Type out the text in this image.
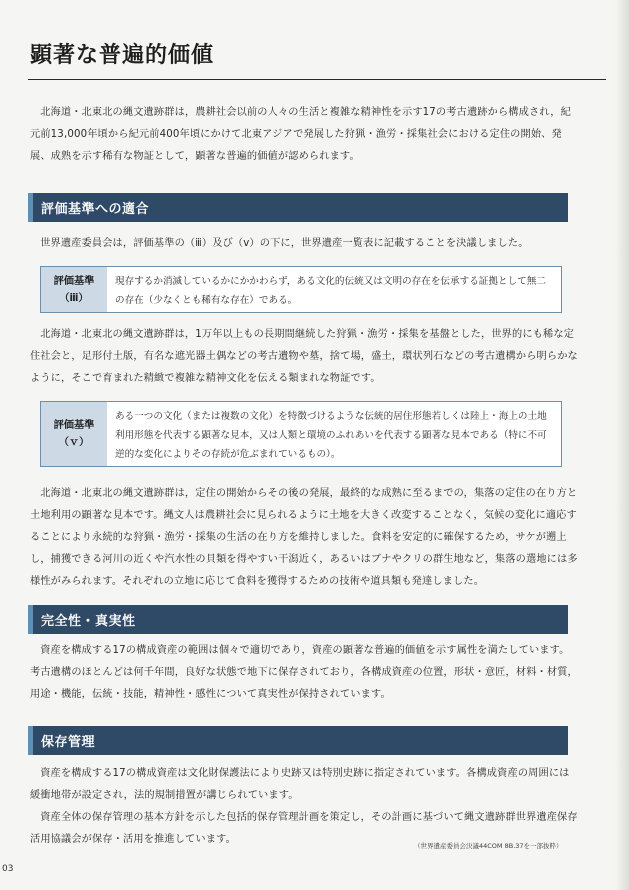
顕著な普遍的価値

北海道・北東北の縄文遺跡群は，農耕社会以前の人々の生活と複雑な精神性を示す17の考古遺跡から構成され，紀元前13,000年頃から紀元前400年頃にかけて北東アジアで発展した狩猟・漁労・採集社会における定住の開始、発展、成熟を示す稀有な物証として，顕著な普遍的価値が認められます。

評価基準への適合

世界遺産委員会は，評価基準の（ⅲ）及び（ⅴ）の下に，世界遺産一覧表に記載することを決議しました。

評価基準
（ⅲ）
現存するか消滅しているかにかかわらず，ある文化的伝統又は文明の存在を伝承する証拠として無二の存在（少なくとも稀有な存在）である。

北海道・北東北の縄文遺跡群は，1万年以上もの長期間継続した狩猟・漁労・採集を基盤とした，世界的にも稀な定住社会と，足形付土版，有名な遮光器土偶などの考古遺物や墓，捨て場，盛土，環状列石などの考古遺構から明らかなように，そこで育まれた精緻で複雑な精神文化を伝える類まれな物証です。

評価基準
（ｖ）
ある一つの文化（または複数の文化）を特徴づけるような伝統的居住形態若しくは陸上・海上の土地利用形態を代表する顕著な見本，又は人類と環境のふれあいを代表する顕著な見本である（特に不可逆的な変化によりその存続が危ぶまれているもの）。

北海道・北東北の縄文遺跡群は，定住の開始からその後の発展，最終的な成熟に至るまでの，集落の定住の在り方と土地利用の顕著な見本です。縄文人は農耕社会に見られるように土地を大きく改変することなく，気候の変化に適応することにより永続的な狩猟・漁労・採集の生活の在り方を維持しました。食料を安定的に確保するため，サケが遡上し，捕獲できる河川の近くや汽水性の貝類を得やすい干潟近く，あるいはブナやクリの群生地など，集落の選地には多様性がみられます。それぞれの立地に応じて食料を獲得するための技術や道具類も発達しました。

完全性・真実性

資産を構成する17の構成資産の範囲は個々で適切であり，資産の顕著な普遍的価値を示す属性を満たしています。考古遺構のほとんどは何千年間，良好な状態で地下に保存されており，各構成資産の位置，形状・意匠，材料・材質，用途・機能，伝統・技能，精神性・感性について真実性が保持されています。

保存管理

資産を構成する17の構成資産は文化財保護法により史跡又は特別史跡に指定されています。各構成資産の周囲には緩衝地帯が設定され，法的規制措置が講じられています。

資産全体の保存管理の基本方針を示した包括的保存管理計画を策定し，その計画に基づいて縄文遺跡群世界遺産保存活用協議会が保存・活用を推進しています。

（世界遺産委員会決議44COM 8B.37を一部抜粋）
03
